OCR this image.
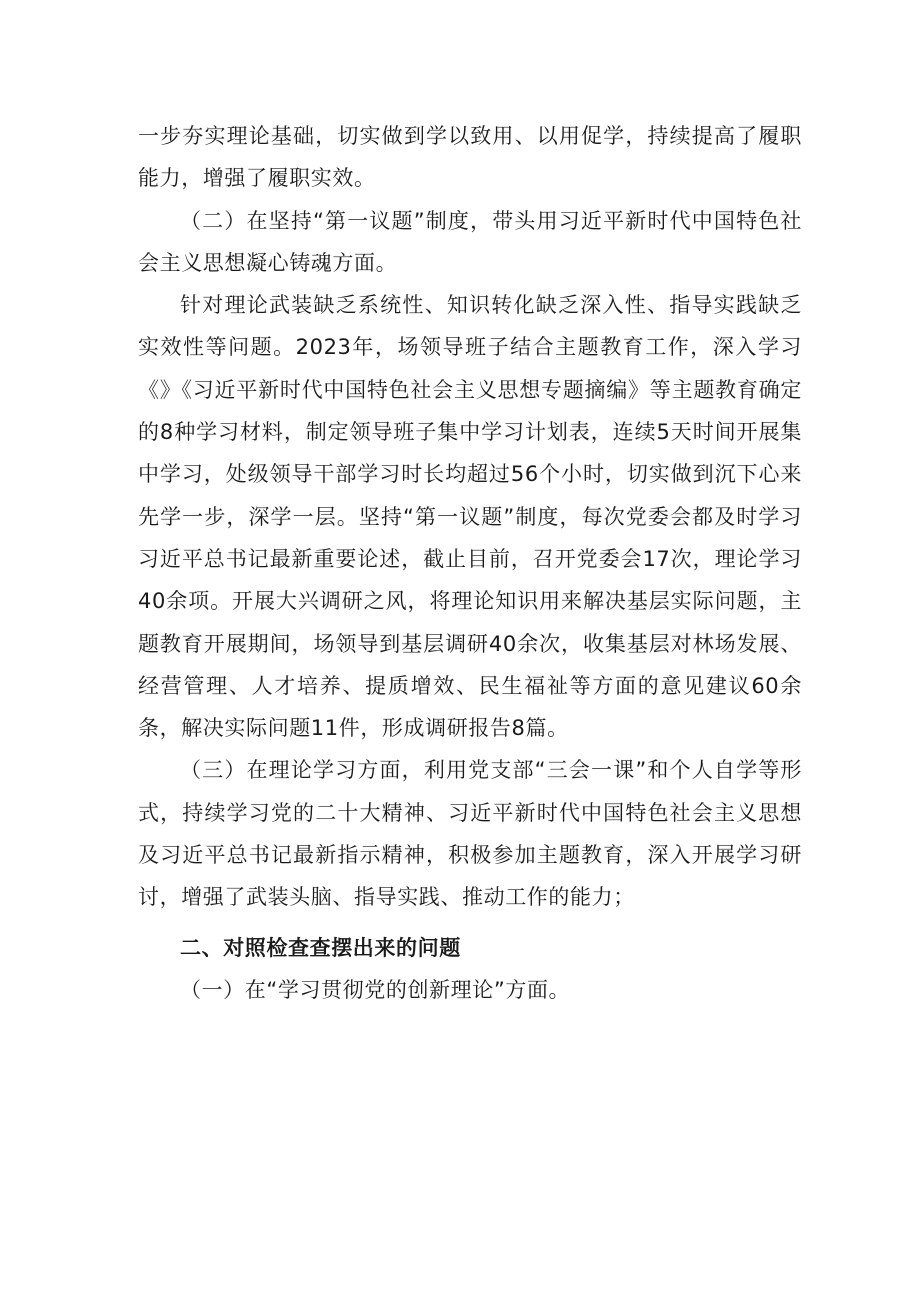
一步夯实理论基础，切实做到学以致用、以用促学，持续提高了履职能力，增强了履职实效。

（二）在坚持“第一议题”制度，带头用习近平新时代中国特色社会主义思想凝心铸魂方面。

针对理论武装缺乏系统性、知识转化缺乏深入性、指导实践缺乏实效性等问题。2023年，场领导班子结合主题教育工作，深入学习《》《习近平新时代中国特色社会主义思想专题摘编》等主题教育确定的8种学习材料，制定领导班子集中学习计划表，连续5天时间开展集中学习，处级领导干部学习时长均超过56个小时，切实做到沉下心来先学一步，深学一层。坚持“第一议题”制度，每次党委会都及时学习习近平总书记最新重要论述，截止目前，召开党委会17次，理论学习40余项。开展大兴调研之风，将理论知识用来解决基层实际问题，主题教育开展期间，场领导到基层调研40余次，收集基层对林场发展、经营管理、人才培养、提质增效、民生福祉等方面的意见建议60余条，解决实际问题11件，形成调研报告8篇。

（三）在理论学习方面，利用党支部“三会一课”和个人自学等形式，持续学习党的二十大精神、习近平新时代中国特色社会主义思想及习近平总书记最新指示精神，积极参加主题教育，深入开展学习研讨，增强了武装头脑、指导实践、推动工作的能力；

二、对照检查查摆出来的问题

（一）在“学习贯彻党的创新理论”方面。
